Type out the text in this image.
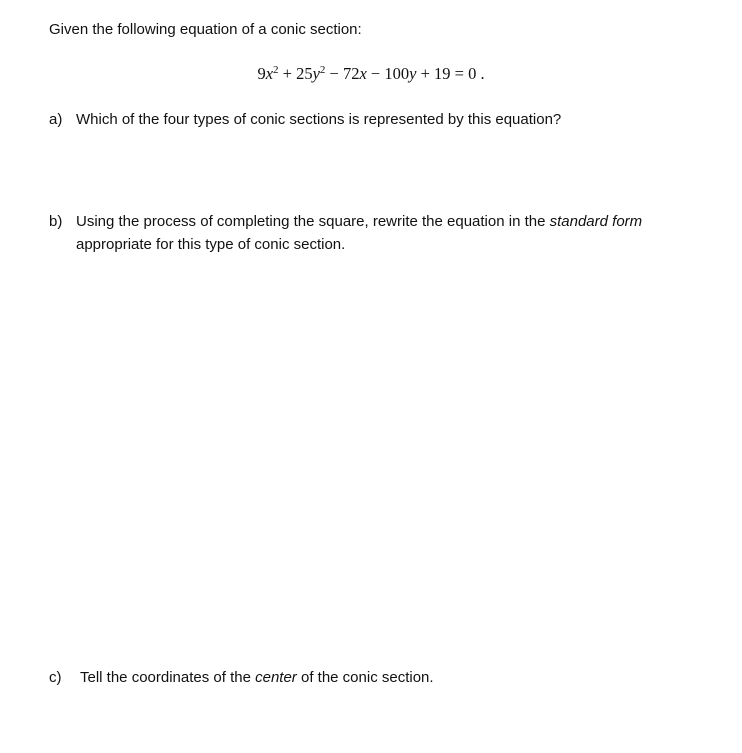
Given the following equation of a conic section:
$9x^2 + 25y^2 - 72x - 100y + 19 = 0$ .
a) Which of the four types of conic sections is represented by this equation?
b) Using the process of completing the square, rewrite the equation in the standard form appropriate for this type of conic section.
c) Tell the coordinates of the center of the conic section.
